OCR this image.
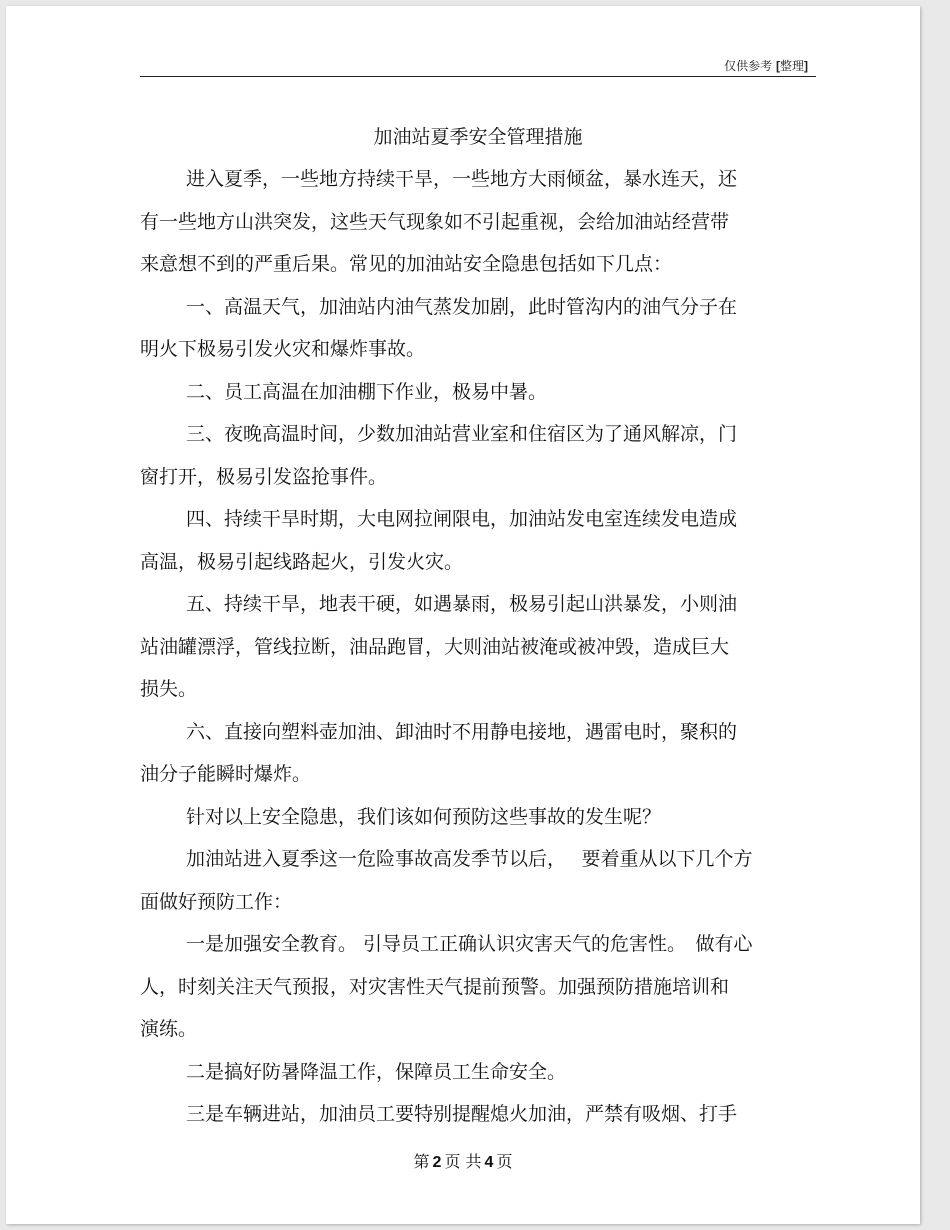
仅供参考 [整理]
加油站夏季安全管理措施

进入夏季，一些地方持续干旱，一些地方大雨倾盆，暴水连天，还
有一些地方山洪突发，这些天气现象如不引起重视，会给加油站经营带
来意想不到的严重后果。常见的加油站安全隐患包括如下几点：

一、高温天气，加油站内油气蒸发加剧，此时管沟内的油气分子在
明火下极易引发火灾和爆炸事故。

二、员工高温在加油棚下作业，极易中暑。

三、夜晚高温时间，少数加油站营业室和住宿区为了通风解凉，门
窗打开，极易引发盗抢事件。

四、持续干旱时期，大电网拉闸限电，加油站发电室连续发电造成
高温，极易引起线路起火，引发火灾。

五、持续干旱，地表干硬，如遇暴雨，极易引起山洪暴发，小则油
站油罐漂浮，管线拉断，油品跑冒，大则油站被淹或被冲毁，造成巨大
损失。

六、直接向塑料壶加油、卸油时不用静电接地，遇雷电时，聚积的
油分子能瞬时爆炸。

针对以上安全隐患，我们该如何预防这些事故的发生呢？

加油站进入夏季这一危险事故高发季节以后，　 要着重从以下几个方
面做好预防工作：

一是加强安全教育。 引导员工正确认识灾害天气的危害性。　做有心
人，时刻关注天气预报，对灾害性天气提前预警。加强预防措施培训和
演练。

二是搞好防暑降温工作，保障员工生命安全。

三是车辆进站，加油员工要特别提醒熄火加油，严禁有吸烟、打手

第 2 页 共 4 页
